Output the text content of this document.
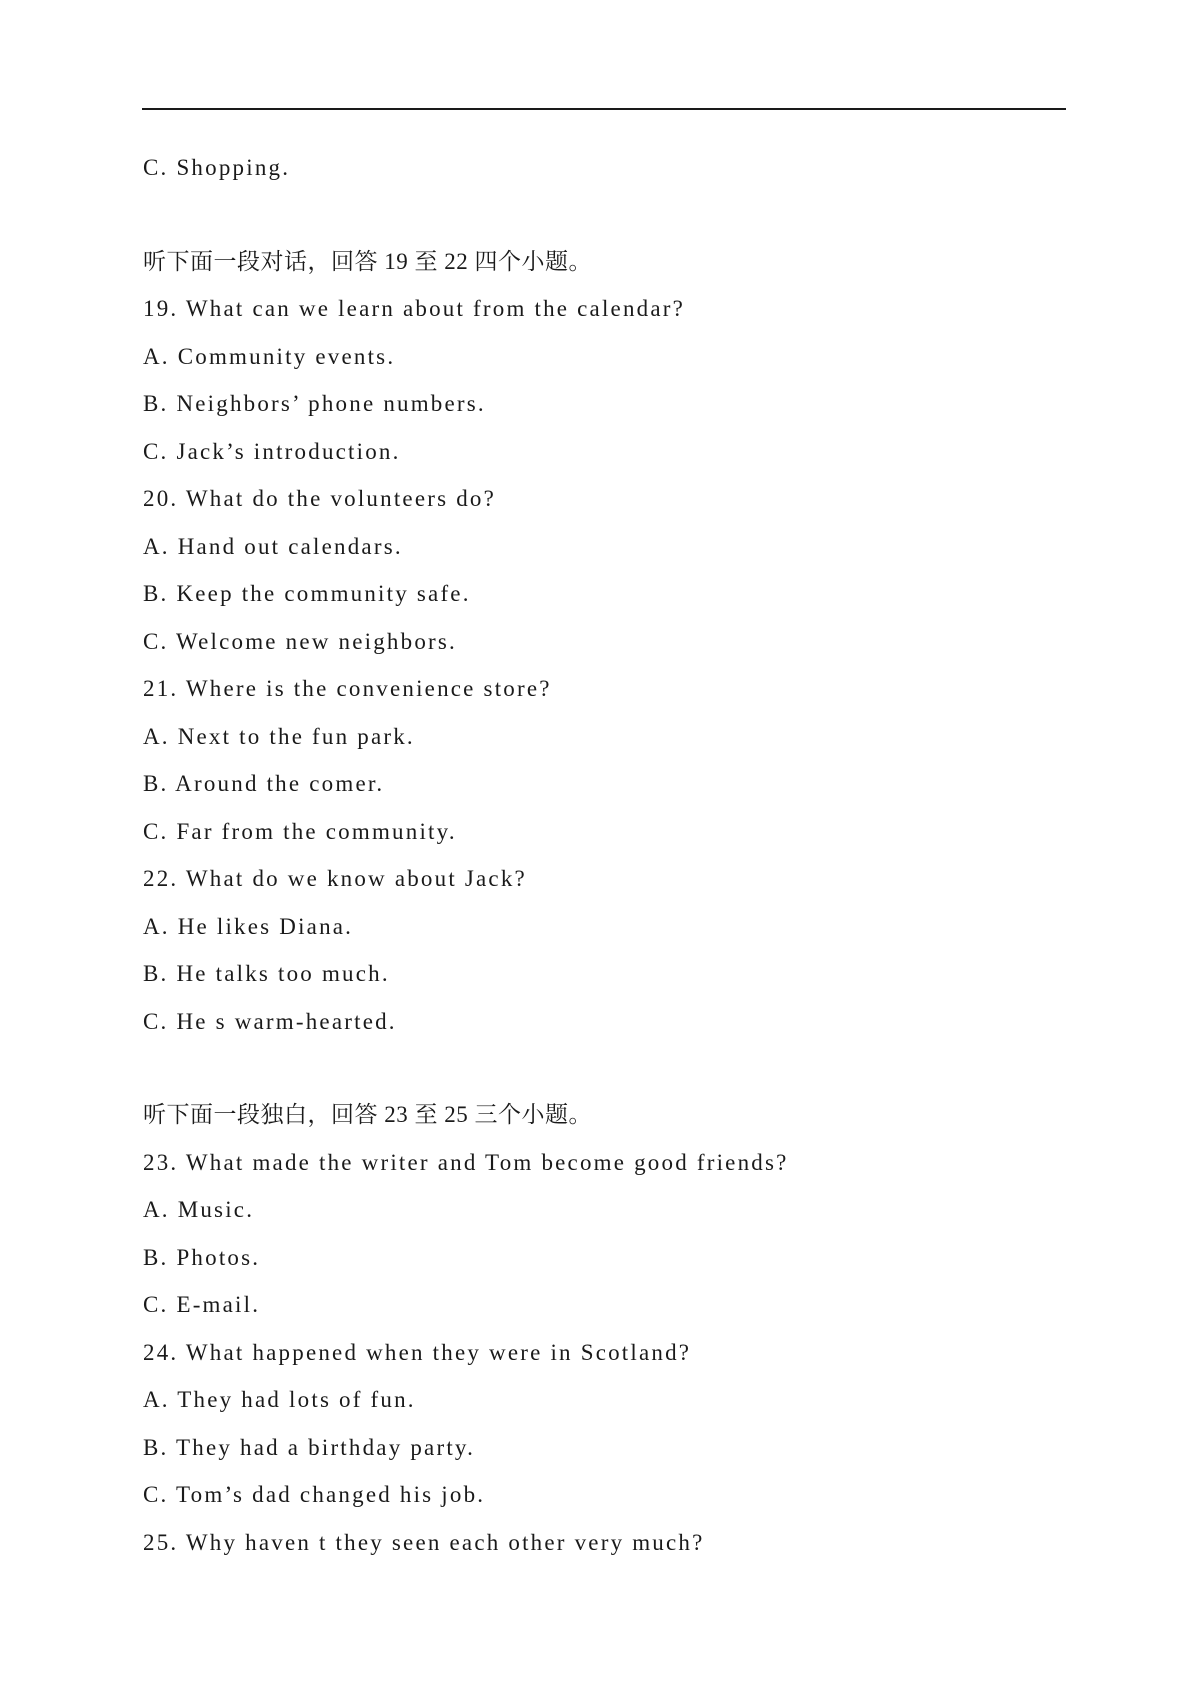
C. Shopping.
听下面一段对话，回答 19 至 22 四个小题。
19. What can we learn about from the calendar?
A. Community events.
B. Neighbors’ phone numbers.
C. Jack’s introduction.
20. What do the volunteers do?
A. Hand out calendars.
B. Keep the community safe.
C. Welcome new neighbors.
21. Where is the convenience store?
A. Next to the fun park.
B. Around the comer.
C. Far from the community.
22. What do we know about Jack?
A. He likes Diana.
B. He talks too much.
C. He s warm-hearted.
听下面一段独白，回答 23 至 25 三个小题。
23. What made the writer and Tom become good friends?
A. Music.
B. Photos.
C. E-mail.
24. What happened when they were in Scotland?
A. They had lots of fun.
B. They had a birthday party.
C. Tom’s dad changed his job.
25. Why haven t they seen each other very much?
